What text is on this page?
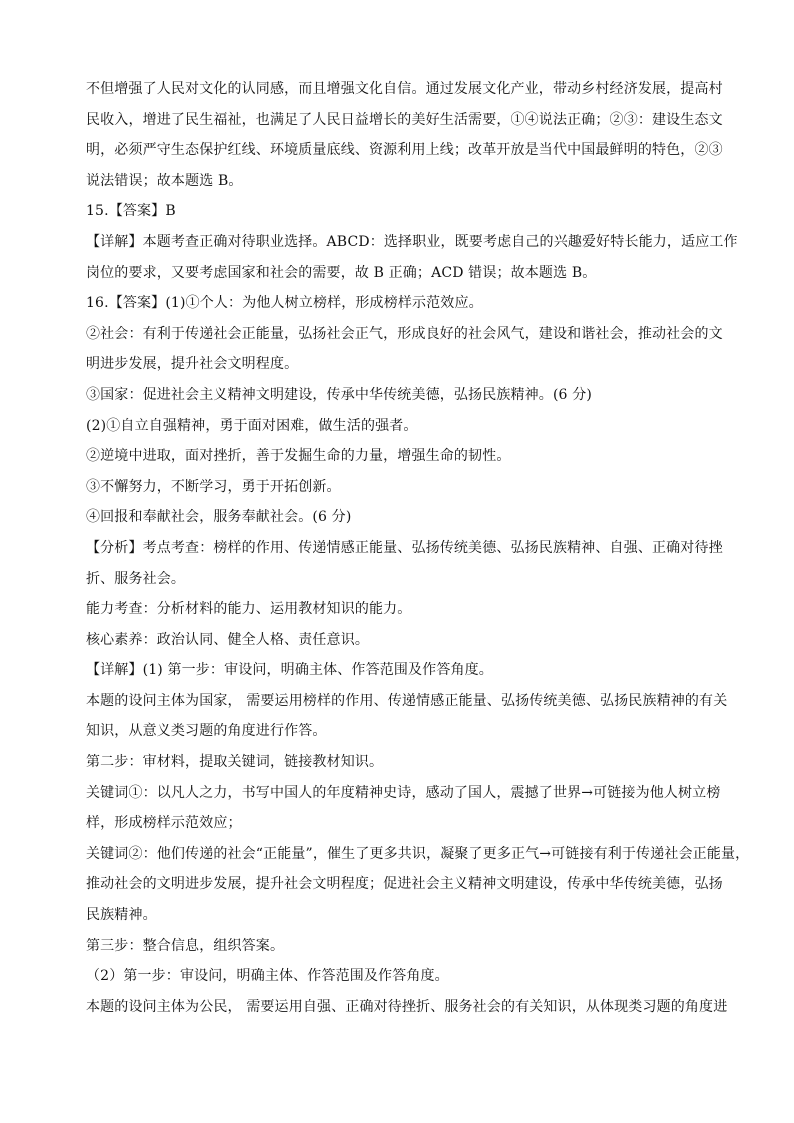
不但增强了人民对文化的认同感，而且增强文化自信。通过发展文化产业，带动乡村经济发展，提高村
民收入，增进了民生福祉，也满足了人民日益增长的美好生活需要，①④说法正确；②③：建设生态文
明，必须严守生态保护红线、环境质量底线、资源利用上线；改革开放是当代中国最鲜明的特色，②③
说法错误；故本题选 B。
15.【答案】B
【详解】本题考查正确对待职业选择。ABCD：选择职业，既要考虑自己的兴趣爱好特长能力，适应工作
岗位的要求，又要考虑国家和社会的需要，故 B 正确；ACD 错误；故本题选 B。
16.【答案】(1)①个人：为他人树立榜样，形成榜样示范效应。
②社会：有利于传递社会正能量，弘扬社会正气，形成良好的社会风气，建设和谐社会，推动社会的文
明进步发展，提升社会文明程度。
③国家：促进社会主义精神文明建设，传承中华传统美德，弘扬民族精神。(6 分)
(2)①自立自强精神，勇于面对困难，做生活的强者。
②逆境中进取，面对挫折，善于发掘生命的力量，增强生命的韧性。
③不懈努力，不断学习，勇于开拓创新。
④回报和奉献社会，服务奉献社会。(6 分)
【分析】考点考查：榜样的作用、传递情感正能量、弘扬传统美德、弘扬民族精神、自强、正确对待挫
折、服务社会。
能力考查：分析材料的能力、运用教材知识的能力。
核心素养：政治认同、健全人格、责任意识。
【详解】(1) 第一步：审设问，明确主体、作答范围及作答角度。
本题的设问主体为国家， 需要运用榜样的作用、传递情感正能量、弘扬传统美德、弘扬民族精神的有关
知识，从意义类习题的角度进行作答。
第二步：审材料，提取关键词，链接教材知识。
关键词①：以凡人之力，书写中国人的年度精神史诗，感动了国人，震撼了世界→可链接为他人树立榜
样，形成榜样示范效应；
关键词②：他们传递的社会“正能量”，催生了更多共识，凝聚了更多正气→可链接有利于传递社会正能量，
推动社会的文明进步发展，提升社会文明程度；促进社会主义精神文明建设，传承中华传统美德，弘扬
民族精神。
第三步：整合信息，组织答案。
（2）第一步：审设问，明确主体、作答范围及作答角度。
本题的设问主体为公民， 需要运用自强、正确对待挫折、服务社会的有关知识，从体现类习题的角度进
